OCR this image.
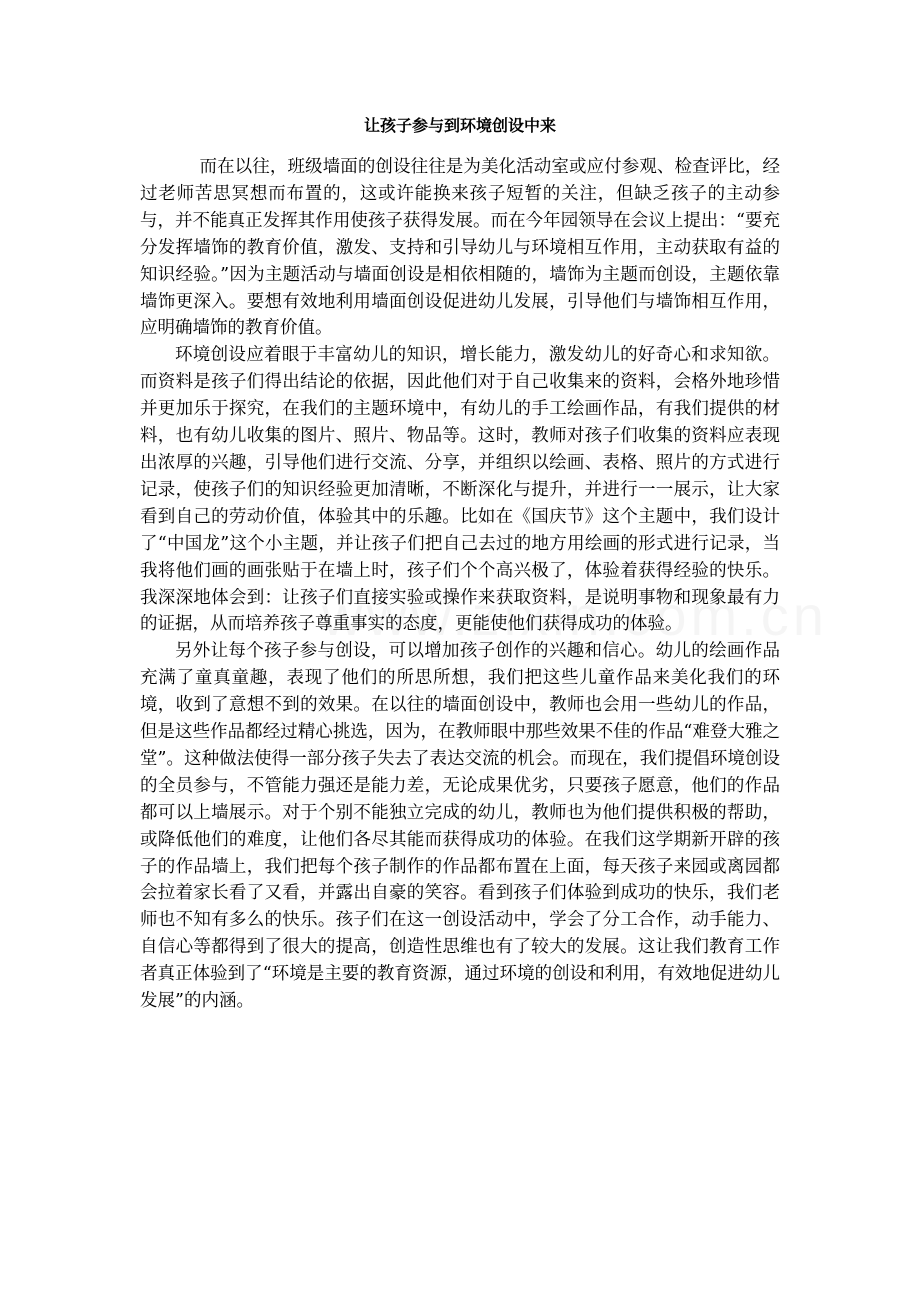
让孩子参与到环境创设中来

而在以往，班级墙面的创设往往是为美化活动室或应付参观、检查评比，经过老师苦思冥想而布置的，这或许能换来孩子短暂的关注，但缺乏孩子的主动参与，并不能真正发挥其作用使孩子获得发展。而在今年园领导在会议上提出：“要充分发挥墙饰的教育价值，激发、支持和引导幼儿与环境相互作用，主动获取有益的知识经验。”因为主题活动与墙面创设是相依相随的，墙饰为主题而创设，主题依靠墙饰更深入。要想有效地利用墙面创设促进幼儿发展，引导他们与墙饰相互作用，应明确墙饰的教育价值。

环境创设应着眼于丰富幼儿的知识，增长能力，激发幼儿的好奇心和求知欲。而资料是孩子们得出结论的依据，因此他们对于自己收集来的资料，会格外地珍惜并更加乐于探究，在我们的主题环境中，有幼儿的手工绘画作品，有我们提供的材料，也有幼儿收集的图片、照片、物品等。这时，教师对孩子们收集的资料应表现出浓厚的兴趣，引导他们进行交流、分享，并组织以绘画、表格、照片的方式进行记录，使孩子们的知识经验更加清晰，不断深化与提升，并进行一一展示，让大家看到自己的劳动价值，体验其中的乐趣。比如在《国庆节》这个主题中，我们设计了“中国龙”这个小主题，并让孩子们把自己去过的地方用绘画的形式进行记录，当我将他们画的画张贴于在墙上时，孩子们个个高兴极了，体验着获得经验的快乐。我深深地体会到：让孩子们直接实验或操作来获取资料，是说明事物和现象最有力的证据，从而培养孩子尊重事实的态度，更能使他们获得成功的体验。

另外让每个孩子参与创设，可以增加孩子创作的兴趣和信心。幼儿的绘画作品充满了童真童趣，表现了他们的所思所想，我们把这些儿童作品来美化我们的环境，收到了意想不到的效果。在以往的墙面创设中，教师也会用一些幼儿的作品，但是这些作品都经过精心挑选，因为，在教师眼中那些效果不佳的作品“难登大雅之堂”。这种做法使得一部分孩子失去了表达交流的机会。而现在，我们提倡环境创设的全员参与，不管能力强还是能力差，无论成果优劣，只要孩子愿意，他们的作品都可以上墙展示。对于个别不能独立完成的幼儿，教师也为他们提供积极的帮助，或降低他们的难度，让他们各尽其能而获得成功的体验。在我们这学期新开辟的孩子的作品墙上，我们把每个孩子制作的作品都布置在上面，每天孩子来园或离园都会拉着家长看了又看，并露出自豪的笑容。看到孩子们体验到成功的快乐，我们老师也不知有多么的快乐。孩子们在这一创设活动中，学会了分工合作，动手能力、自信心等都得到了很大的提高，创造性思维也有了较大的发展。这让我们教育工作者真正体验到了“环境是主要的教育资源，通过环境的创设和利用，有效地促进幼儿发展”的内涵。
